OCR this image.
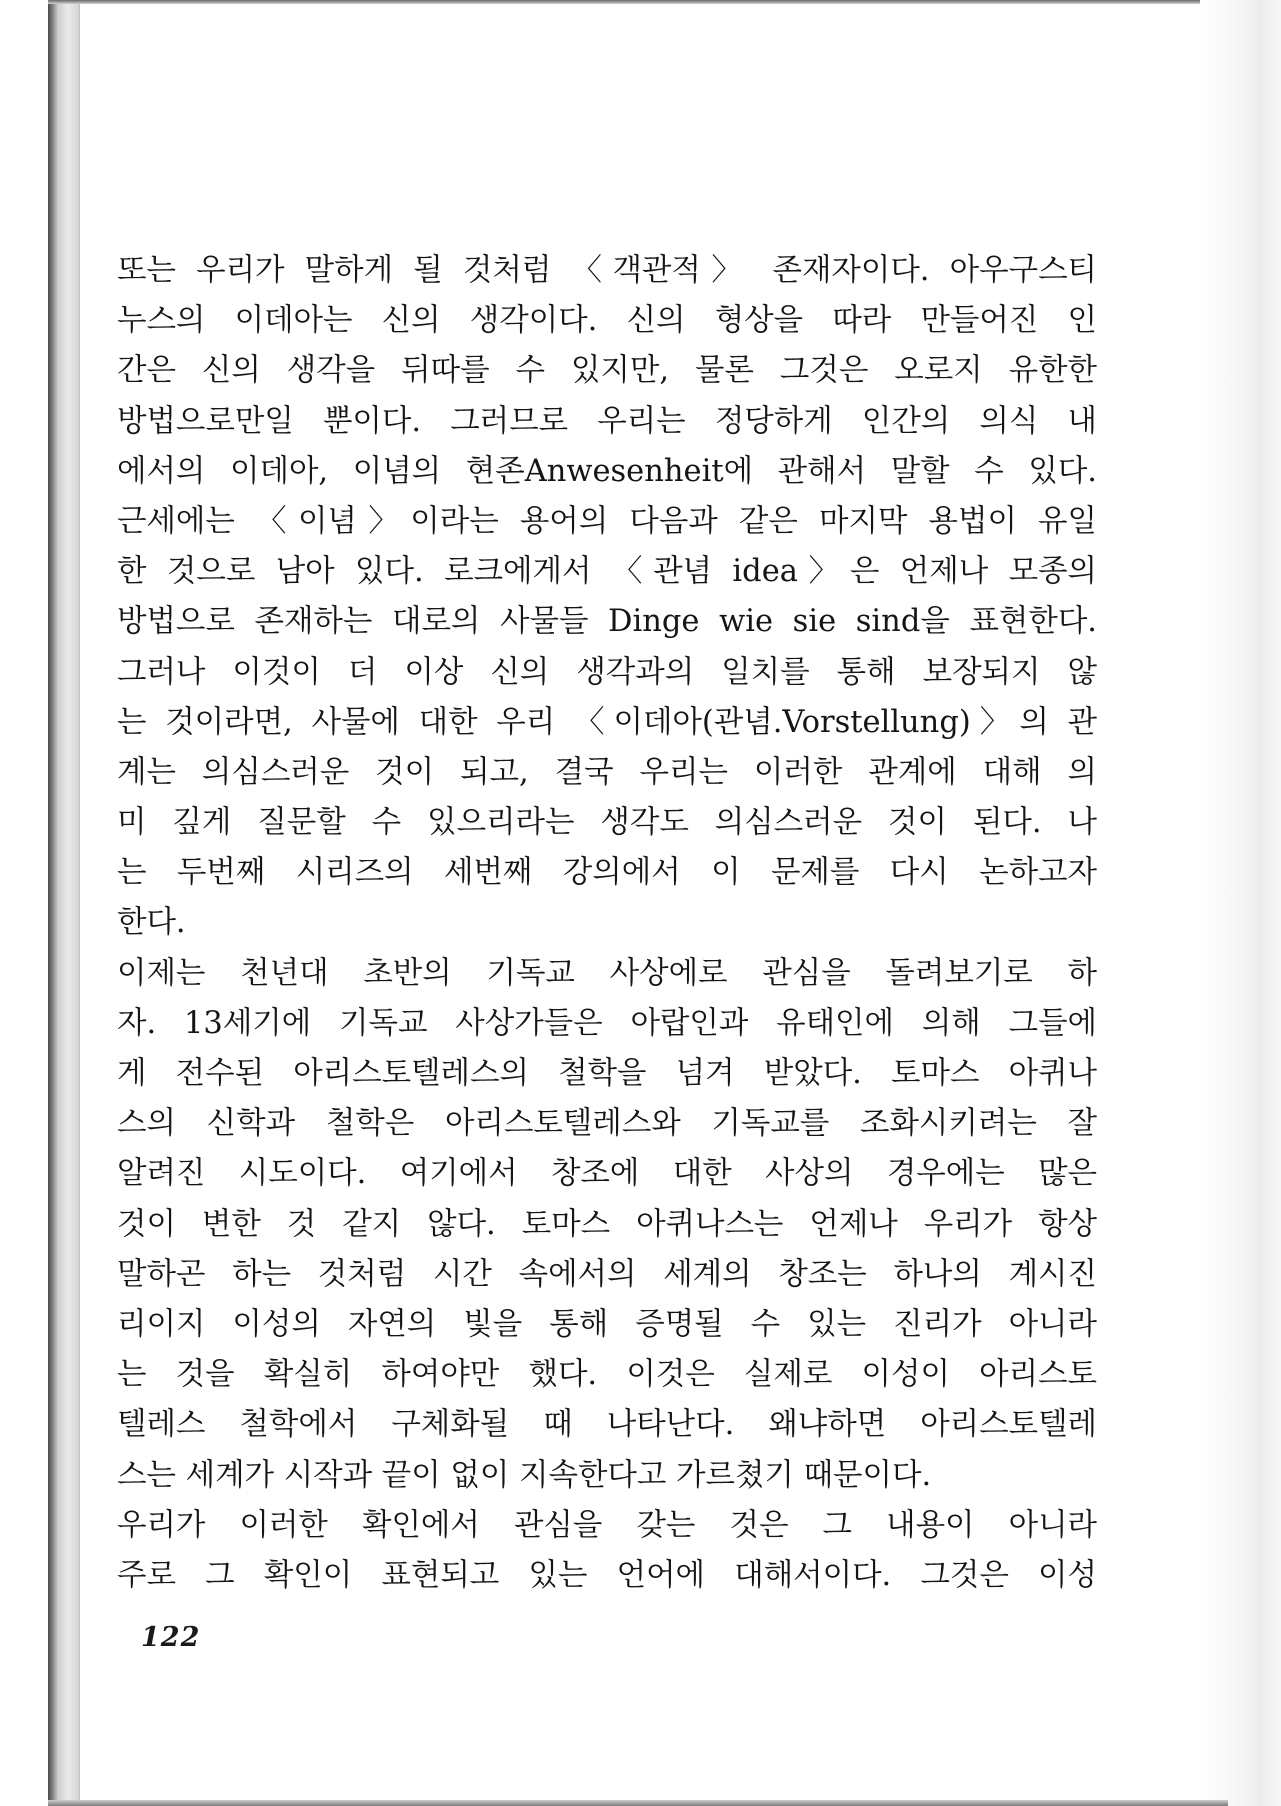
또는 우리가 말하게 될 것처럼 〈객관적〉 존재자이다. 아우구스티
누스의 이데아는 신의 생각이다. 신의 형상을 따라 만들어진 인
간은 신의 생각을 뒤따를 수 있지만, 물론 그것은 오로지 유한한
방법으로만일 뿐이다. 그러므로 우리는 정당하게 인간의 의식 내
에서의 이데아, 이념의 현존Anwesenheit에 관해서 말할 수 있다.
근세에는 〈이념〉이라는 용어의 다음과 같은 마지막 용법이 유일
한 것으로 남아 있다. 로크에게서 〈관념 idea〉은 언제나 모종의
방법으로 존재하는 대로의 사물들 Dinge wie sie sind을 표현한다.
그러나 이것이 더 이상 신의 생각과의 일치를 통해 보장되지 않
는 것이라면, 사물에 대한 우리 〈이데아(관념.Vorstellung)〉의 관
계는 의심스러운 것이 되고, 결국 우리는 이러한 관계에 대해 의
미 깊게 질문할 수 있으리라는 생각도 의심스러운 것이 된다. 나
는 두번째 시리즈의 세번째 강의에서 이 문제를 다시 논하고자
한다.
이제는 천년대 초반의 기독교 사상에로 관심을 돌려보기로 하
자. 13세기에 기독교 사상가들은 아랍인과 유태인에 의해 그들에
게 전수된 아리스토텔레스의 철학을 넘겨 받았다. 토마스 아퀴나
스의 신학과 철학은 아리스토텔레스와 기독교를 조화시키려는 잘
알려진 시도이다. 여기에서 창조에 대한 사상의 경우에는 많은
것이 변한 것 같지 않다. 토마스 아퀴나스는 언제나 우리가 항상
말하곤 하는 것처럼 시간 속에서의 세계의 창조는 하나의 계시진
리이지 이성의 자연의 빛을 통해 증명될 수 있는 진리가 아니라
는 것을 확실히 하여야만 했다. 이것은 실제로 이성이 아리스토
텔레스 철학에서 구체화될 때 나타난다. 왜냐하면 아리스토텔레
스는 세계가 시작과 끝이 없이 지속한다고 가르쳤기 때문이다.
우리가 이러한 확인에서 관심을 갖는 것은 그 내용이 아니라
주로 그 확인이 표현되고 있는 언어에 대해서이다. 그것은 이성
122
